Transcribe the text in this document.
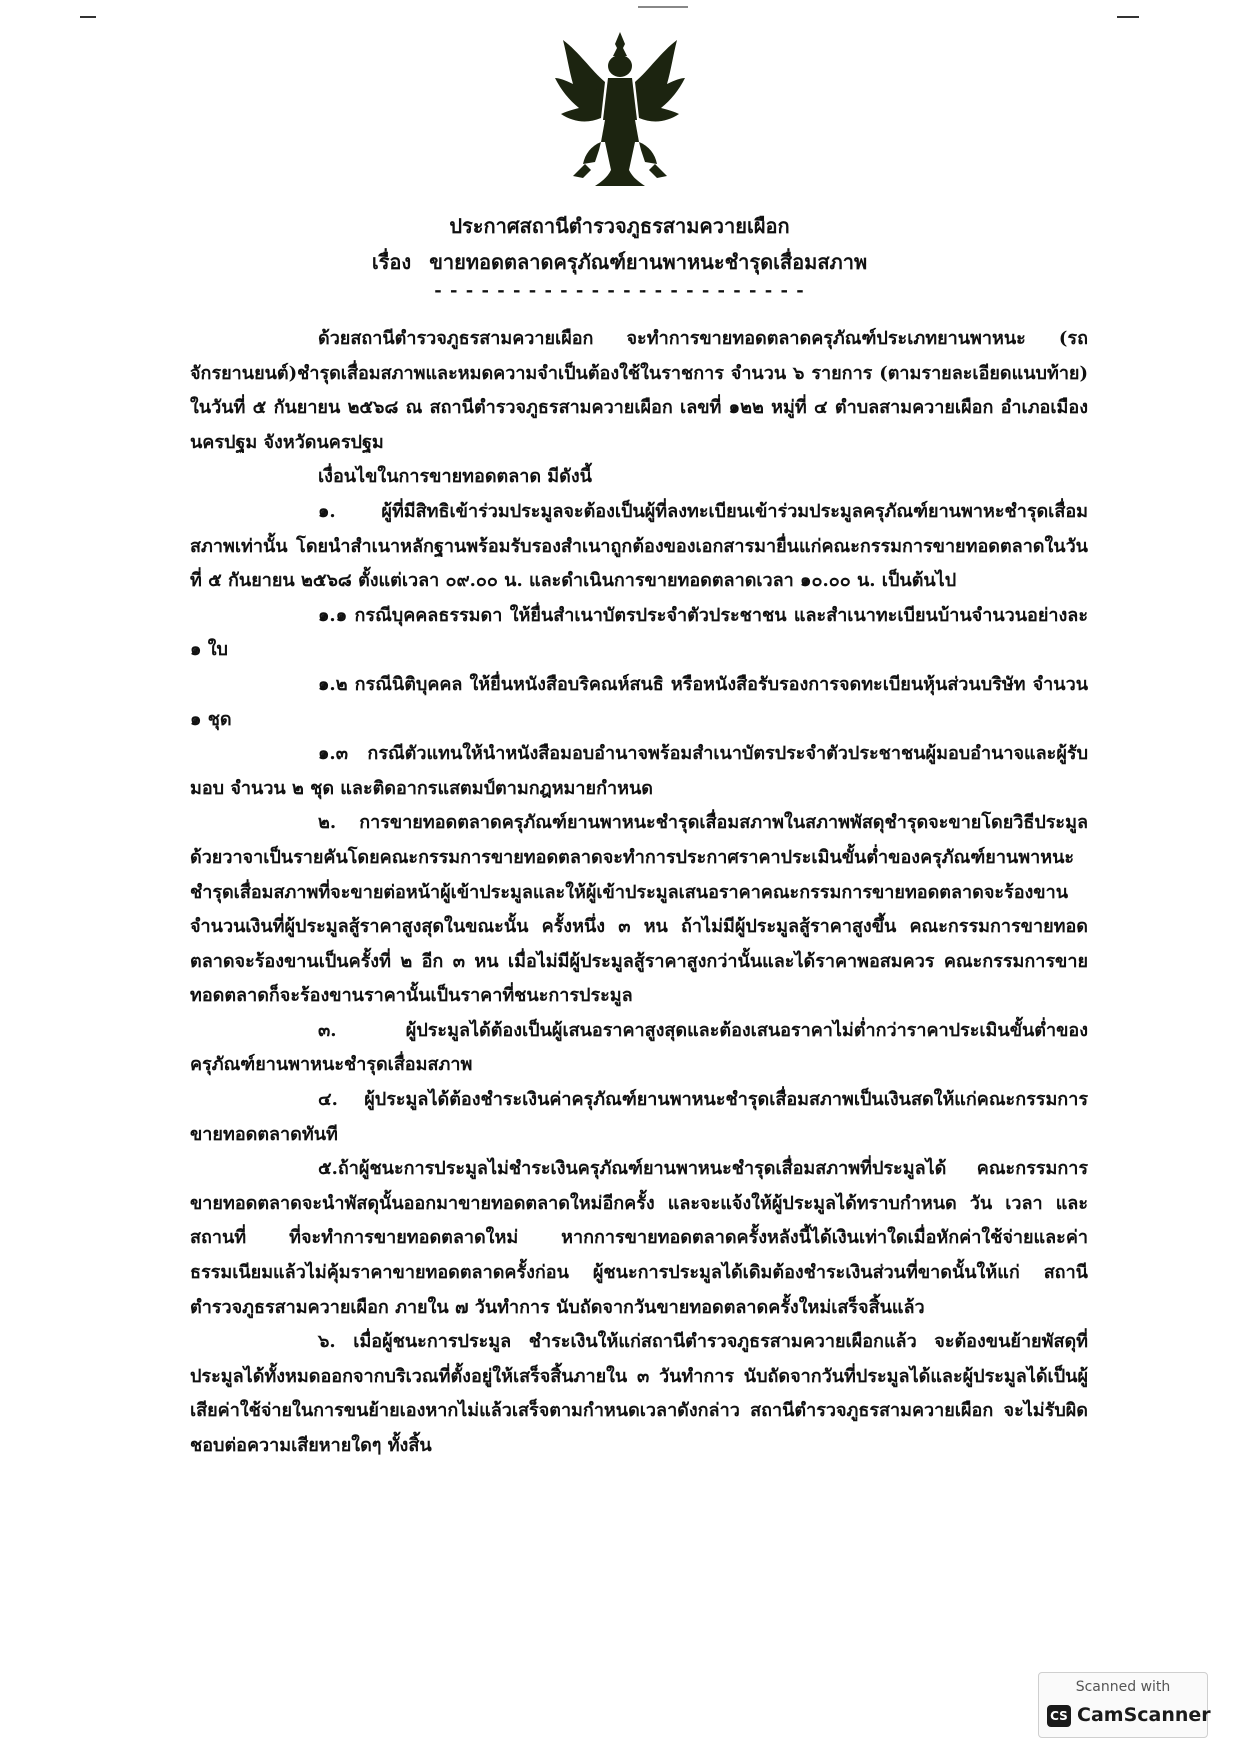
ประกาศสถานีตำรวจภูธรสามควายเผือก
เรื่อง ขายทอดตลาดครุภัณฑ์ยานพาหนะชำรุดเสื่อมสภาพ
- - - - - - - - - - - - - - - - - - - - - - - -

ด้วยสถานีตำรวจภูธรสามควายเผือก จะทำการขายทอดตลาดครุภัณฑ์ประเภทยานพาหนะ (รถจักรยานยนต์)ชำรุดเสื่อมสภาพและหมดความจำเป็นต้องใช้ในราชการ จำนวน ๖ รายการ (ตามรายละเอียดแนบท้าย) ในวันที่ ๕ กันยายน ๒๕๖๘ ณ สถานีตำรวจภูธรสามควายเผือก เลขที่ ๑๒๒ หมู่ที่ ๔ ตำบลสามควายเผือก อำเภอเมืองนครปฐม จังหวัดนครปฐม

เงื่อนไขในการขายทอดตลาด มีดังนี้

๑. ผู้ที่มีสิทธิเข้าร่วมประมูลจะต้องเป็นผู้ที่ลงทะเบียนเข้าร่วมประมูลครุภัณฑ์ยานพาหะชำรุดเสื่อมสภาพเท่านั้น โดยนำสำเนาหลักฐานพร้อมรับรองสำเนาถูกต้องของเอกสารมายื่นแก่คณะกรรมการขายทอดตลาดในวันที่ ๕ กันยายน ๒๕๖๘ ตั้งแต่เวลา ๐๙.๐๐ น. และดำเนินการขายทอดตลาดเวลา ๑๐.๐๐ น. เป็นต้นไป

๑.๑ กรณีบุคคลธรรมดา ให้ยื่นสำเนาบัตรประจำตัวประชาชน และสำเนาทะเบียนบ้านจำนวนอย่างละ ๑ ใบ

๑.๒ กรณีนิติบุคคล ให้ยื่นหนังสือบริคณห์สนธิ หรือหนังสือรับรองการจดทะเบียนหุ้นส่วนบริษัท จำนวน ๑ ชุด

๑.๓ กรณีตัวแทนให้นำหนังสือมอบอำนาจพร้อมสำเนาบัตรประจำตัวประชาชนผู้มอบอำนาจและผู้รับมอบ จำนวน ๒ ชุด และติดอากรแสตมป์ตามกฎหมายกำหนด

๒. การขายทอดตลาดครุภัณฑ์ยานพาหนะชำรุดเสื่อมสภาพในสภาพพัสดุชำรุดจะขายโดยวิธีประมูลด้วยวาจาเป็นรายคันโดยคณะกรรมการขายทอดตลาดจะทำการประกาศราคาประเมินขั้นต่ำของครุภัณฑ์ยานพาหนะชำรุดเสื่อมสภาพที่จะขายต่อหน้าผู้เข้าประมูลและให้ผู้เข้าประมูลเสนอราคาคณะกรรมการขายทอดตลาดจะร้องขานจำนวนเงินที่ผู้ประมูลสู้ราคาสูงสุดในขณะนั้น ครั้งหนึ่ง ๓ หน ถ้าไม่มีผู้ประมูลสู้ราคาสูงขึ้น คณะกรรมการขายทอดตลาดจะร้องขานเป็นครั้งที่ ๒ อีก ๓ หน เมื่อไม่มีผู้ประมูลสู้ราคาสูงกว่านั้นและได้ราคาพอสมควร คณะกรรมการขายทอดตลาดก็จะร้องขานราคานั้นเป็นราคาที่ชนะการประมูล

๓. ผู้ประมูลได้ต้องเป็นผู้เสนอราคาสูงสุดและต้องเสนอราคาไม่ต่ำกว่าราคาประเมินขั้นต่ำของครุภัณฑ์ยานพาหนะชำรุดเสื่อมสภาพ

๔. ผู้ประมูลได้ต้องชำระเงินค่าครุภัณฑ์ยานพาหนะชำรุดเสื่อมสภาพเป็นเงินสดให้แก่คณะกรรมการขายทอดตลาดทันที

๕.ถ้าผู้ชนะการประมูลไม่ชำระเงินครุภัณฑ์ยานพาหนะชำรุดเสื่อมสภาพที่ประมูลได้ คณะกรรมการขายทอดตลาดจะนำพัสดุนั้นออกมาขายทอดตลาดใหม่อีกครั้ง และจะแจ้งให้ผู้ประมูลได้ทราบกำหนด วัน เวลา และสถานที่ ที่จะทำการขายทอดตลาดใหม่ หากการขายทอดตลาดครั้งหลังนี้ได้เงินเท่าใดเมื่อหักค่าใช้จ่ายและค่าธรรมเนียมแล้วไม่คุ้มราคาขายทอดตลาดครั้งก่อน ผู้ชนะการประมูลได้เดิมต้องชำระเงินส่วนที่ขาดนั้นให้แก่ สถานีตำรวจภูธรสามควายเผือก ภายใน ๗ วันทำการ นับถัดจากวันขายทอดตลาดครั้งใหม่เสร็จสิ้นแล้ว

๖. เมื่อผู้ชนะการประมูล ชำระเงินให้แก่สถานีตำรวจภูธรสามควายเผือกแล้ว จะต้องขนย้ายพัสดุที่ประมูลได้ทั้งหมดออกจากบริเวณที่ตั้งอยู่ให้เสร็จสิ้นภายใน ๓ วันทำการ นับถัดจากวันที่ประมูลได้และผู้ประมูลได้เป็นผู้เสียค่าใช้จ่ายในการขนย้ายเองหากไม่แล้วเสร็จตามกำหนดเวลาดังกล่าว สถานีตำรวจภูธรสามควายเผือก จะไม่รับผิดชอบต่อความเสียหายใดๆ ทั้งสิ้น

Scanned with
CS CamScanner
